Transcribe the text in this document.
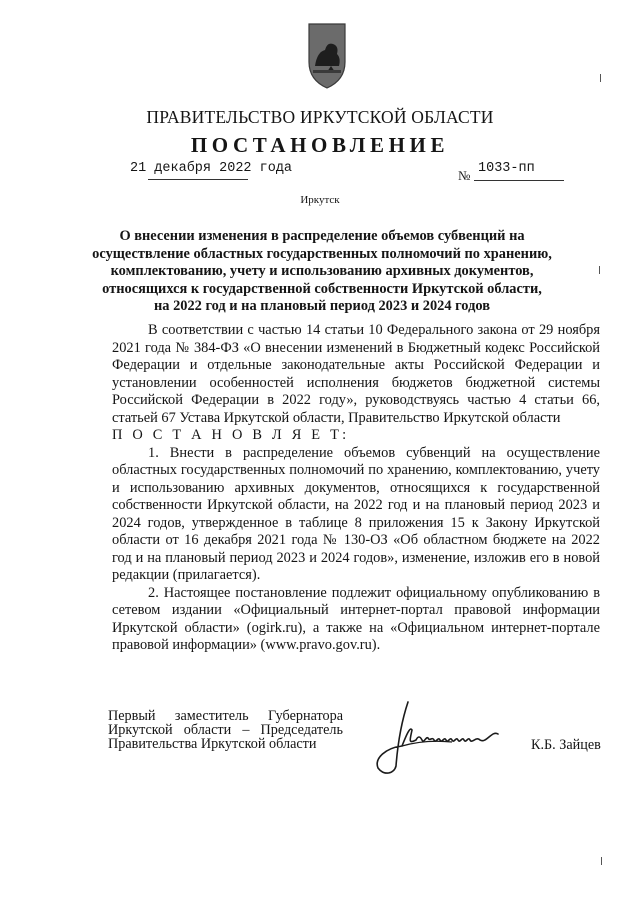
ПРАВИТЕЛЬСТВО ИРКУТСКОЙ ОБЛАСТИ
ПОСТАНОВЛЕНИЕ
21 декабря 2022 года	№ 1033-пп
Иркутск
О внесении изменения в распределение объемов субвенций на
осуществление областных государственных полномочий по хранению,
комплектованию, учету и использованию архивных документов,
относящихся к государственной собственности Иркутской области,
на 2022 год и на плановый период 2023 и 2024 годов

В соответствии с частью 14 статьи 10 Федерального закона от 29 ноября 2021 года № 384-ФЗ «О внесении изменений в Бюджетный кодекс Российской Федерации и отдельные законодательные акты Российской Федерации и установлении особенностей исполнения бюджетов бюджетной системы Российской Федерации в 2022 году», руководствуясь частью 4 статьи 66, статьей 67 Устава Иркутской области, Правительство Иркутской области

П О С Т А Н О В Л Я Е Т:

1. Внести в распределение объемов субвенций на осуществление областных государственных полномочий по хранению, комплектованию, учету и использованию архивных документов, относящихся к государственной собственности Иркутской области, на 2022 год и на плановый период 2023 и 2024 годов, утвержденное в таблице 8 приложения 15 к Закону Иркутской области от 16 декабря 2021 года № 130-ОЗ «Об областном бюджете на 2022 год и на плановый период 2023 и 2024 годов», изменение, изложив его в новой редакции (прилагается).

2. Настоящее постановление подлежит официальному опубликованию в сетевом издании «Официальный интернет-портал правовой информации Иркутской области» (ogirk.ru), а также на «Официальном интернет-портале правовой информации» (www.pravo.gov.ru).

Первый заместитель Губернатора
Иркутской области – Председатель
Правительства Иркутской области	К.Б. Зайцев
